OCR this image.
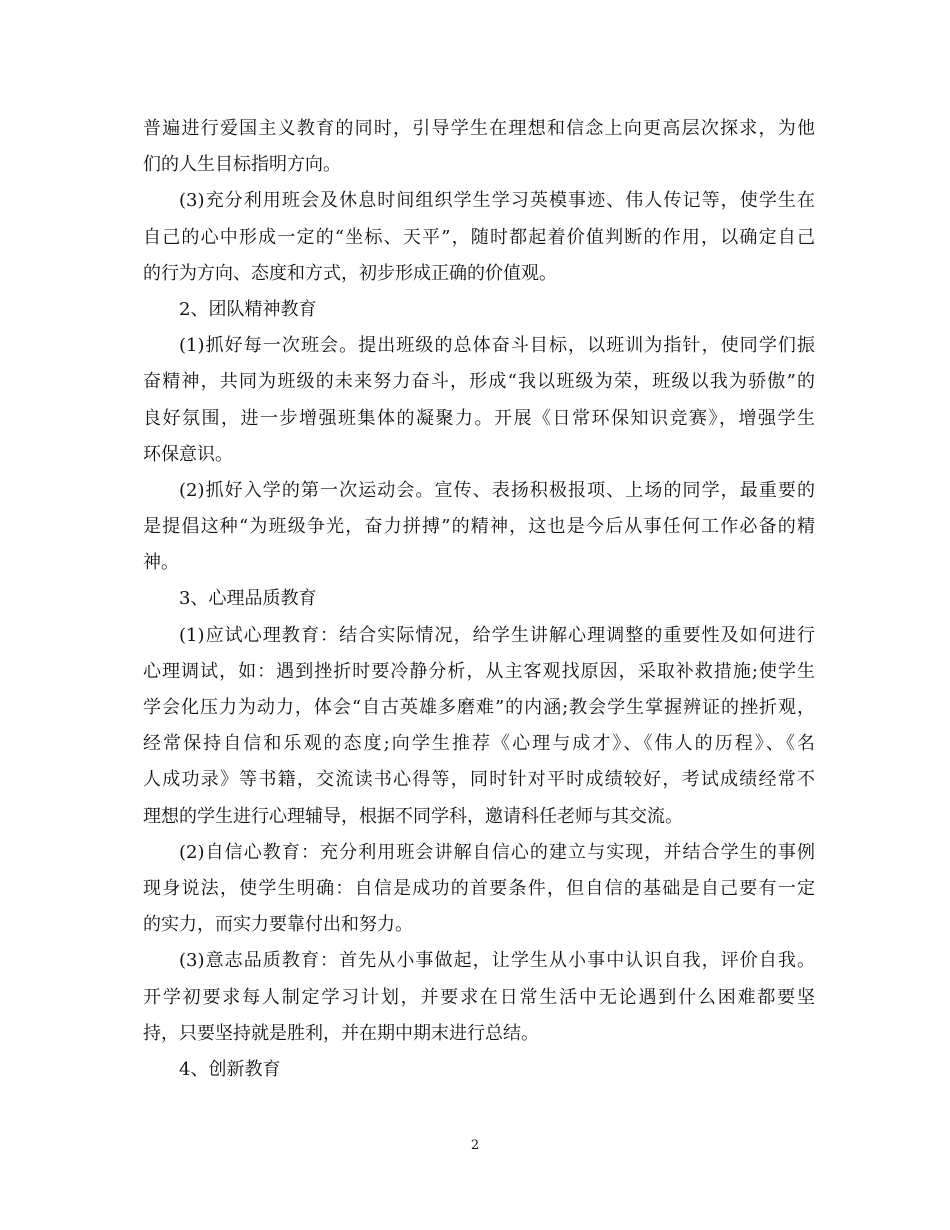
普遍进行爱国主义教育的同时，引导学生在理想和信念上向更高层次探求，为他
们的人生目标指明方向。
(3)充分利用班会及休息时间组织学生学习英模事迹、伟人传记等，使学生在
自己的心中形成一定的“坐标、天平”，随时都起着价值判断的作用，以确定自己
的行为方向、态度和方式，初步形成正确的价值观。
2、团队精神教育
(1)抓好每一次班会。提出班级的总体奋斗目标，以班训为指针，使同学们振
奋精神，共同为班级的未来努力奋斗，形成“我以班级为荣，班级以我为骄傲”的
良好氛围，进一步增强班集体的凝聚力。开展《日常环保知识竞赛》，增强学生
环保意识。
(2)抓好入学的第一次运动会。宣传、表扬积极报项、上场的同学，最重要的
是提倡这种“为班级争光，奋力拼搏”的精神，这也是今后从事任何工作必备的精
神。
3、心理品质教育
(1)应试心理教育：结合实际情况，给学生讲解心理调整的重要性及如何进行
心理调试，如：遇到挫折时要冷静分析，从主客观找原因，采取补救措施;使学生
学会化压力为动力，体会“自古英雄多磨难”的内涵;教会学生掌握辨证的挫折观，
经常保持自信和乐观的态度;向学生推荐《心理与成才》、《伟人的历程》、《名
人成功录》等书籍，交流读书心得等，同时针对平时成绩较好，考试成绩经常不
理想的学生进行心理辅导，根据不同学科，邀请科任老师与其交流。
(2)自信心教育：充分利用班会讲解自信心的建立与实现，并结合学生的事例
现身说法，使学生明确：自信是成功的首要条件，但自信的基础是自己要有一定
的实力，而实力要靠付出和努力。
(3)意志品质教育：首先从小事做起，让学生从小事中认识自我，评价自我。
开学初要求每人制定学习计划，并要求在日常生活中无论遇到什么困难都要坚
持，只要坚持就是胜利，并在期中期末进行总结。
4、创新教育
2
